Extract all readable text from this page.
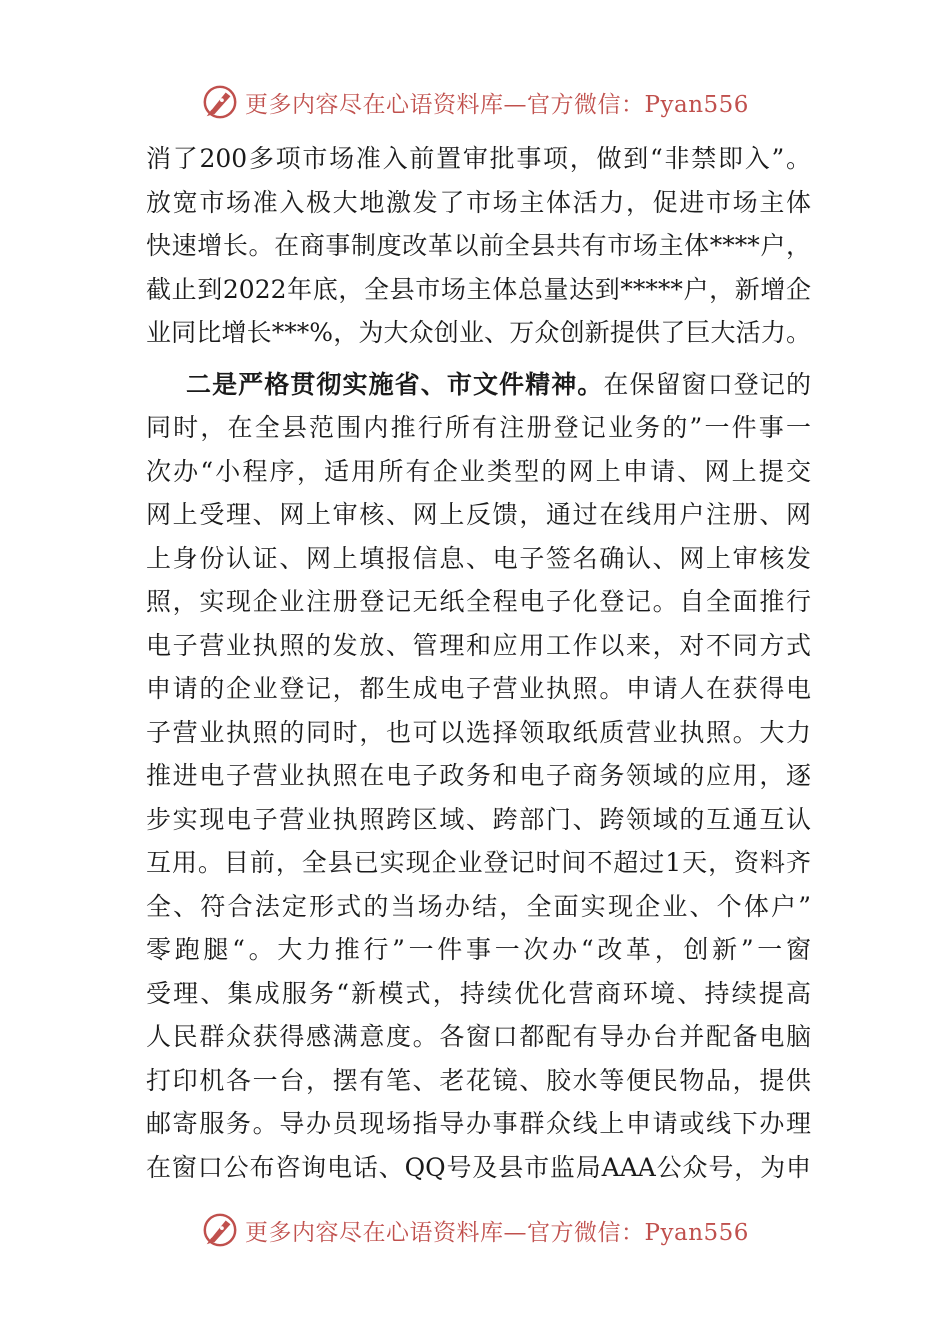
更多内容尽在心语资料库—官方微信：Pyan556
消了200多项市场准入前置审批事项，做到“非禁即入”。
放宽市场准入极大地激发了市场主体活力，促进市场主体
快速增长。在商事制度改革以前全县共有市场主体****户，
截止到2022年底，全县市场主体总量达到*****户，新增企
业同比增长***%，为大众创业、万众创新提供了巨大活力。
二是严格贯彻实施省、市文件精神。在保留窗口登记的
同时，在全县范围内推行所有注册登记业务的”一件事一
次办“小程序，适用所有企业类型的网上申请、网上提交
网上受理、网上审核、网上反馈，通过在线用户注册、网
上身份认证、网上填报信息、电子签名确认、网上审核发
照，实现企业注册登记无纸全程电子化登记。自全面推行
电子营业执照的发放、管理和应用工作以来，对不同方式
申请的企业登记，都生成电子营业执照。申请人在获得电
子营业执照的同时，也可以选择领取纸质营业执照。大力
推进电子营业执照在电子政务和电子商务领域的应用，逐
步实现电子营业执照跨区域、跨部门、跨领域的互通互认
互用。目前，全县已实现企业登记时间不超过1天，资料齐
全、符合法定形式的当场办结，全面实现企业、个体户”
零跑腿“。大力推行”一件事一次办“改革，创新”一窗
受理、集成服务“新模式，持续优化营商环境、持续提高
人民群众获得感满意度。各窗口都配有导办台并配备电脑
打印机各一台，摆有笔、老花镜、胶水等便民物品，提供
邮寄服务。导办员现场指导办事群众线上申请或线下办理
在窗口公布咨询电话、QQ号及县市监局AAA公众号，为申
更多内容尽在心语资料库—官方微信：Pyan556
